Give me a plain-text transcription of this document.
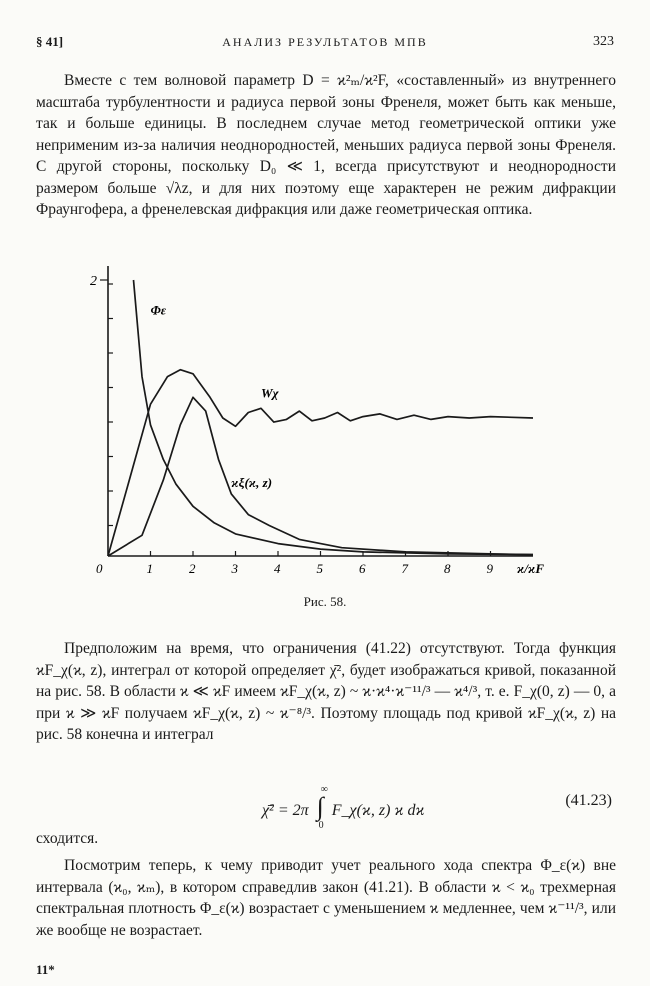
§ 41]	АНАЛИЗ РЕЗУЛЬТАТОВ МПВ	323
Вместе с тем волновой параметр D = ϰ²ₘ/ϰ²F, «составленный» из внутреннего масштаба турбулентности и радиуса первой зоны Френеля, может быть как меньше, так и больше единицы. В последнем случае метод геометрической оптики уже неприменим из-за наличия неоднородностей, меньших радиуса первой зоны Френеля. С другой стороны, поскольку D₀ ≪ 1, всегда присутствуют и неоднородности размером больше √λz, и для них поэтому еще характерен не режим дифракции Фраунгофера, а френелевская дифракция или даже геометрическая оптика.
0	1	2	3	4	5	6	7	8	9
2
ϰ/ϰF
Φε
Wχ
ϰξ(ϰ, z)
Рис. 58.
Предположим на время, что ограничения (41.22) отсутствуют. Тогда функция ϰF_χ(ϰ, z), интеграл от которой определяет χ̄², будет изображаться кривой, показанной на рис. 58. В области ϰ ≪ ϰF имеем ϰF_χ(ϰ, z) ~ ϰ·ϰ⁴·ϰ⁻¹¹/³ — ϰ⁴/³, т. е. F_χ(0, z) — 0, а при ϰ ≫ ϰF получаем ϰF_χ(ϰ, z) ~ ϰ⁻⁸/³. Поэтому площадь под кривой ϰF_χ(ϰ, z) на рис. 58 конечна и интеграл
χ̄² = 2π ∫
∞
0
F_χ(ϰ, z) ϰ dϰ
(41.23)
сходится.
Посмотрим теперь, к чему приводит учет реального хода спектра Φ_ε(ϰ) вне интервала (ϰ₀, ϰₘ), в котором справедлив закон (41.21). В области ϰ < ϰ₀ трехмерная спектральная плотность Φ_ε(ϰ) возрастает с уменьшением ϰ медленнее, чем ϰ⁻¹¹/³, или же вообще не возрастает.
11*
